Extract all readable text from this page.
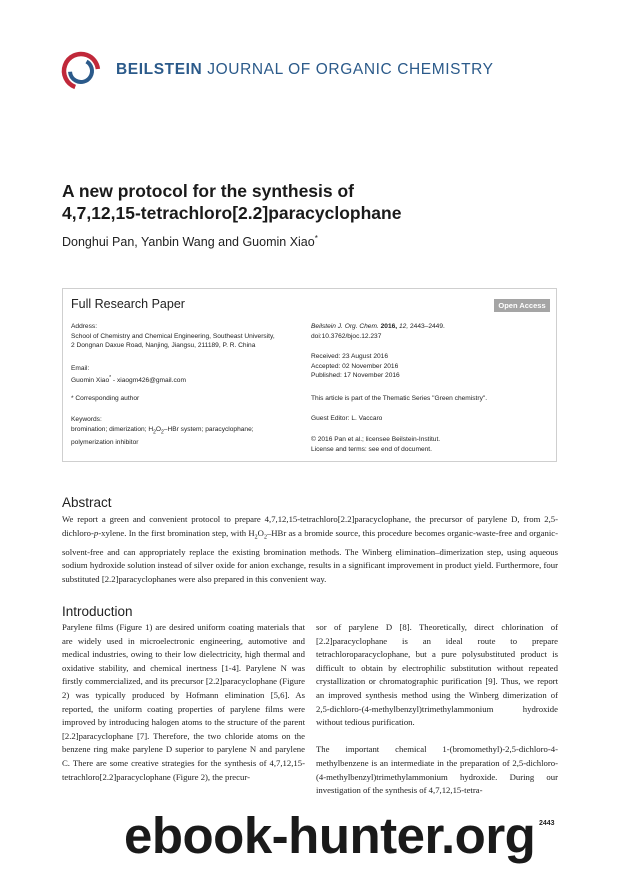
BEILSTEIN JOURNAL OF ORGANIC CHEMISTRY
A new protocol for the synthesis of
4,7,12,15-tetrachloro[2.2]paracyclophane
Donghui Pan, Yanbin Wang and Guomin Xiao*
Full Research Paper	Open Access
Address:
School of Chemistry and Chemical Engineering, Southeast University,
2 Dongnan Daxue Road, Nanjing, Jiangsu, 211189, P. R. China
Email:
Guomin Xiao* - xiaogm426@gmail.com
* Corresponding author
Keywords:
bromination; dimerization; $H_2O_2$–HBr system; paracyclophane;
polymerization inhibitor
Beilstein J. Org. Chem. 2016, 12, 2443–2449.
doi:10.3762/bjoc.12.237
Received: 23 August 2016
Accepted: 02 November 2016
Published: 17 November 2016
This article is part of the Thematic Series "Green chemistry".
Guest Editor: L. Vaccaro
© 2016 Pan et al.; licensee Beilstein-Institut.
License and terms: see end of document.
Abstract
We report a green and convenient protocol to prepare 4,7,12,15-tetrachloro[2.2]paracyclophane, the precursor of parylene D, from 2,5-dichloro-p-xylene. In the first bromination step, with $H_2O_2$–HBr as a bromide source, this procedure becomes organic-waste-free and organic-solvent-free and can appropriately replace the existing bromination methods. The Winberg elimination–dimerization step, using aqueous sodium hydroxide solution instead of silver oxide for anion exchange, results in a significant improvement in product yield. Furthermore, four substituted [2.2]paracyclophanes were also prepared in this convenient way.
Introduction

Parylene films (Figure 1) are desired uniform coating materials that are widely used in microelectronic engineering, automotive and medical industries, owing to their low dielectricity, high thermal and oxidative stability, and chemical inertness [1-4]. Parylene N was firstly commercialized, and its precursor [2.2]paracyclophane (Figure 2) was typically produced by Hofmann elimination [5,6]. As reported, the uniform coating properties of parylene films were improved by introducing halogen atoms to the structure of the parent [2.2]paracyclophane [7]. Therefore, the two chloride atoms on the benzene ring make parylene D superior to parylene N and parylene C. There are some creative strategies for the synthesis of 4,7,12,15-tetrachloro[2.2]paracyclophane (Figure 2), the precur-

sor of parylene D [8]. Theoretically, direct chlorination of [2.2]paracyclophane is an ideal route to prepare tetrachloroparacyclophane, but a pure polysubstituted product is difficult to obtain by electrophilic substitution without repeated crystallization or chromatographic purification [9]. Thus, we report an improved synthesis method using the Winberg dimerization of 2,5-dichloro-(4-methylbenzyl)trimethylammonium hydroxide without tedious purification.

The important chemical 1-(bromomethyl)-2,5-dichloro-4-methylbenzene is an intermediate in the preparation of 2,5-dichloro-(4-methylbenzyl)trimethylammonium hydroxide. During our investigation of the synthesis of 4,7,12,15-tetra-

2443
ebook-hunter.org
